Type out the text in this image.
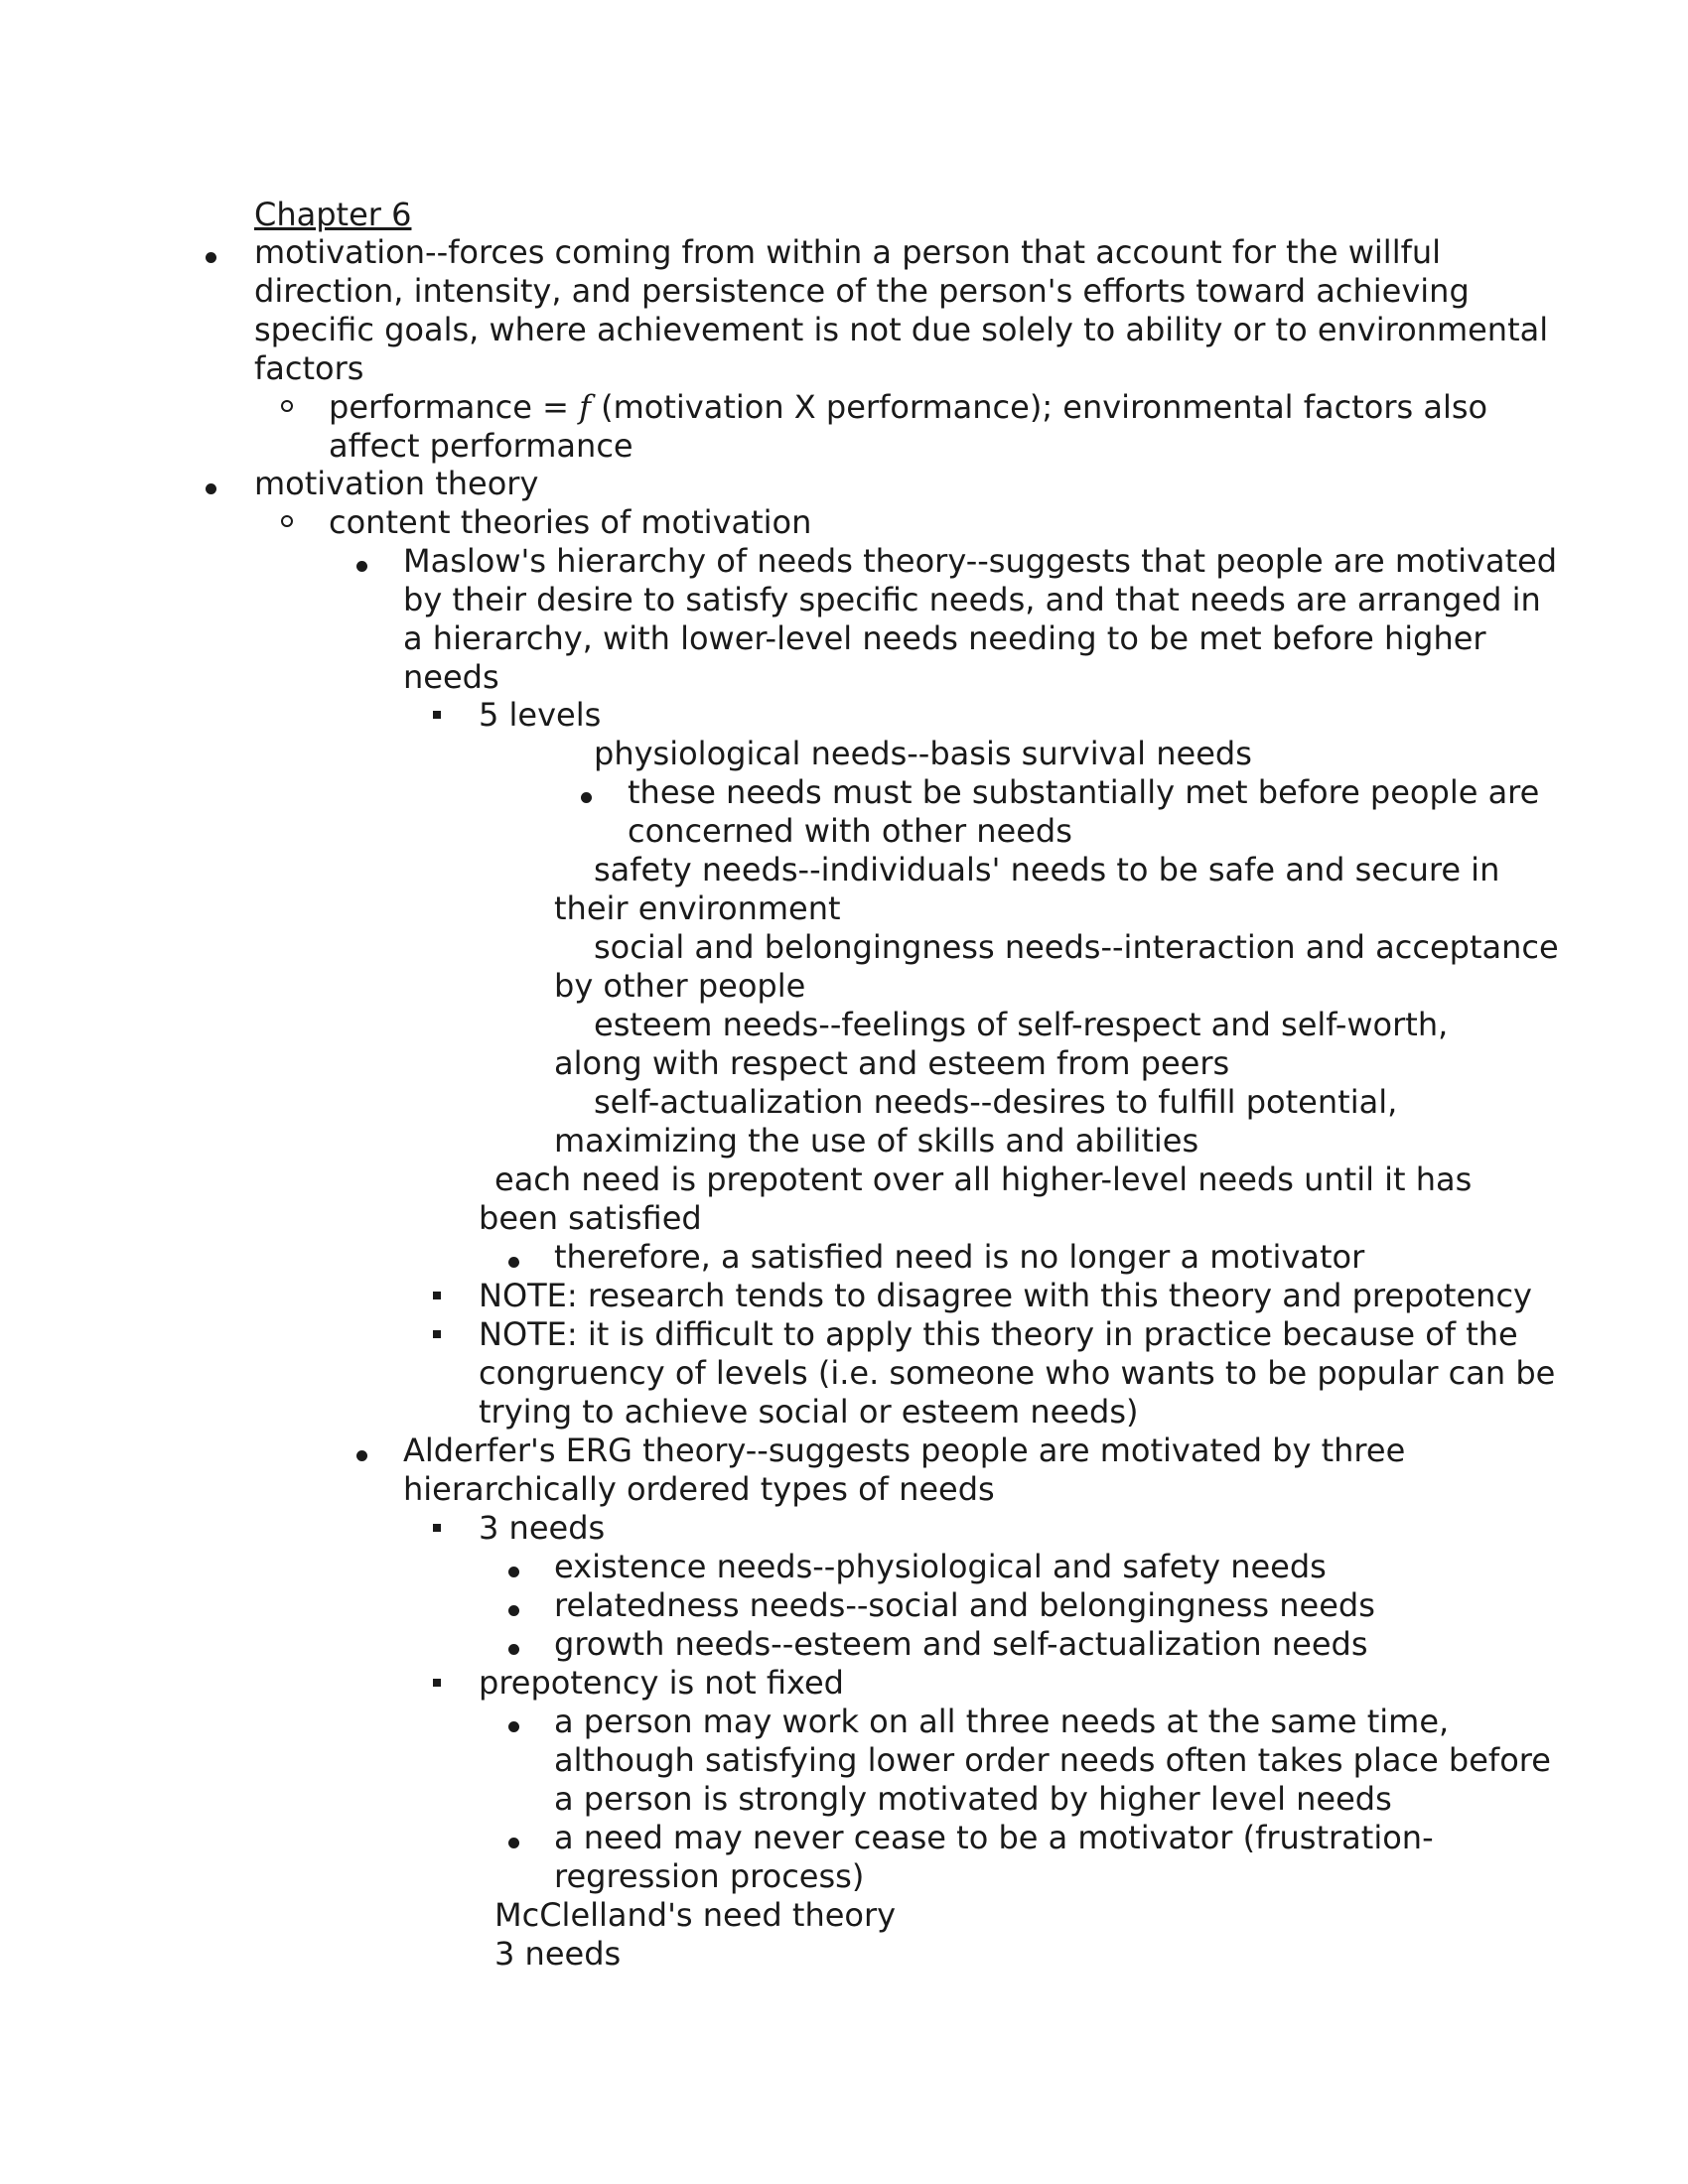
Chapter 6
motivation--forces coming from within a person that account for the willful
direction, intensity, and persistence of the person's efforts toward achieving
specific goals, where achievement is not due solely to ability or to environmental
factors
performance = f (motivation X performance); environmental factors also
affect performance
motivation theory
content theories of motivation
Maslow's hierarchy of needs theory--suggests that people are motivated
by their desire to satisfy specific needs, and that needs are arranged in
a hierarchy, with lower-level needs needing to be met before higher
needs
5 levels
physiological needs--basis survival needs
these needs must be substantially met before people are
concerned with other needs
safety needs--individuals' needs to be safe and secure in
their environment
social and belongingness needs--interaction and acceptance
by other people
esteem needs--feelings of self-respect and self-worth,
along with respect and esteem from peers
self-actualization needs--desires to fulfill potential,
maximizing the use of skills and abilities
each need is prepotent over all higher-level needs until it has
been satisfied
therefore, a satisfied need is no longer a motivator
NOTE: research tends to disagree with this theory and prepotency
NOTE: it is difficult to apply this theory in practice because of the
congruency of levels (i.e. someone who wants to be popular can be
trying to achieve social or esteem needs)
Alderfer's ERG theory--suggests people are motivated by three
hierarchically ordered types of needs
3 needs
existence needs--physiological and safety needs
relatedness needs--social and belongingness needs
growth needs--esteem and self-actualization needs
prepotency is not fixed
a person may work on all three needs at the same time,
although satisfying lower order needs often takes place before
a person is strongly motivated by higher level needs
a need may never cease to be a motivator (frustration-
regression process)
McClelland's need theory
3 needs
